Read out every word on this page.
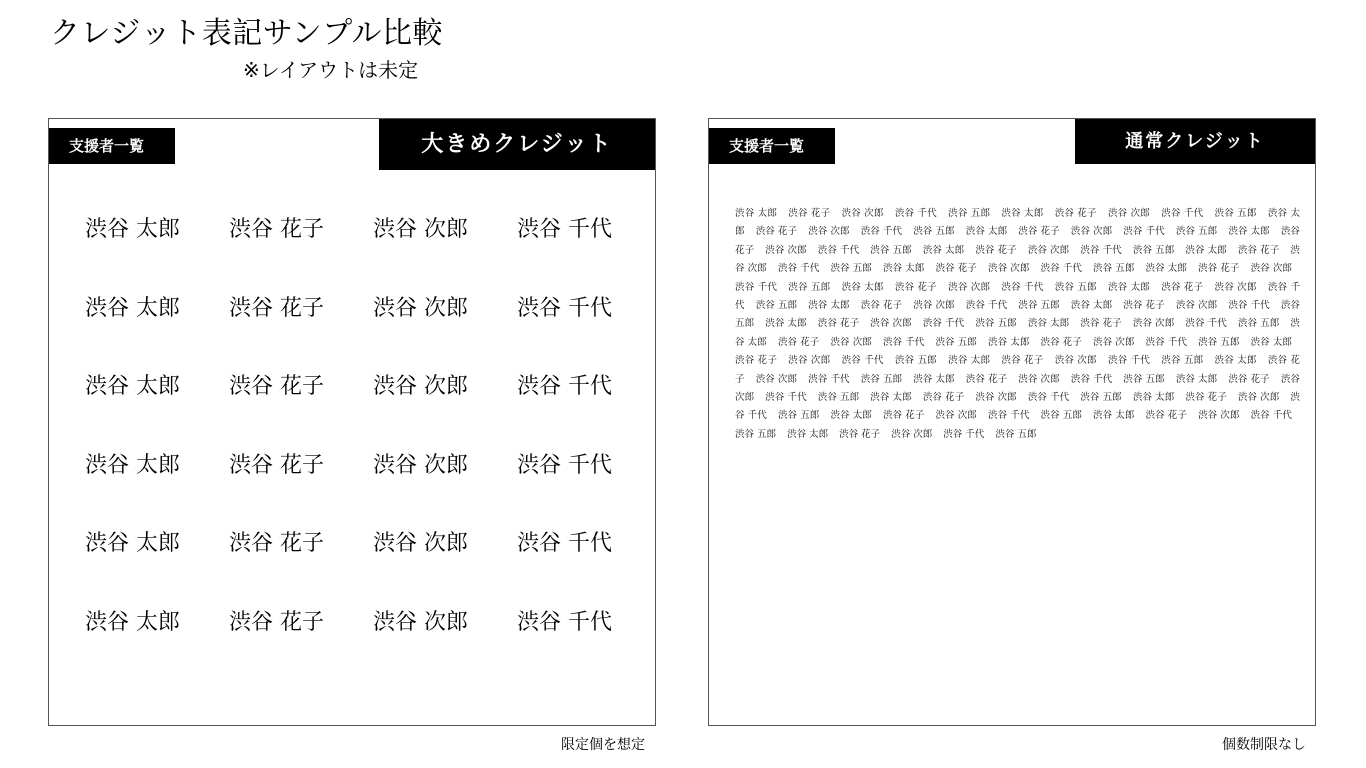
クレジット表記サンプル比較
※レイアウトは未定
支援者一覧	大きめクレジット
渋谷 太郎	渋谷 花子	渋谷 次郎	渋谷 千代
渋谷 太郎	渋谷 花子	渋谷 次郎	渋谷 千代
渋谷 太郎	渋谷 花子	渋谷 次郎	渋谷 千代
渋谷 太郎	渋谷 花子	渋谷 次郎	渋谷 千代
渋谷 太郎	渋谷 花子	渋谷 次郎	渋谷 千代
渋谷 太郎	渋谷 花子	渋谷 次郎	渋谷 千代
限定個を想定
支援者一覧	通常クレジット
渋谷 太郎 渋谷 花子 渋谷 次郎 渋谷 千代 渋谷 五郎 渋谷 太郎 渋谷 花子 渋谷 次郎 渋谷 千代 渋谷 五郎 渋谷 太郎 渋谷 花子 渋谷 次郎 渋谷 千代 渋谷 五郎 渋谷 太郎 渋谷 花子 渋谷 次郎 渋谷 千代 渋谷 五郎 渋谷 太郎 渋谷 花子 渋谷 次郎 渋谷 千代 渋谷 五郎 渋谷 太郎 渋谷 花子 渋谷 次郎 渋谷 千代 渋谷 五郎 渋谷 太郎 渋谷 花子 渋谷 次郎 渋谷 千代 渋谷 五郎 渋谷 太郎 渋谷 花子 渋谷 次郎 渋谷 千代 渋谷 五郎 渋谷 太郎 渋谷 花子 渋谷 次郎 渋谷 千代 渋谷 五郎 渋谷 太郎 渋谷 花子 渋谷 次郎 渋谷 千代 渋谷 五郎 渋谷 太郎 渋谷 花子 渋谷 次郎 渋谷 千代 渋谷 五郎 渋谷 太郎 渋谷 花子 渋谷 次郎 渋谷 千代 渋谷 五郎 渋谷 太郎 渋谷 花子 渋谷 次郎 渋谷 千代 渋谷 五郎 渋谷 太郎 渋谷 花子 渋谷 次郎 渋谷 千代 渋谷 五郎 渋谷 太郎 渋谷 花子 渋谷 次郎 渋谷 千代 渋谷 五郎 渋谷 太郎 渋谷 花子 渋谷 次郎 渋谷 千代 渋谷 五郎 渋谷 太郎 渋谷 花子 渋谷 次郎 渋谷 千代 渋谷 五郎 渋谷 太郎 渋谷 花子 渋谷 次郎 渋谷 千代 渋谷 五郎 渋谷 太郎 渋谷 花子 渋谷 次郎 渋谷 千代 渋谷 五郎 渋谷 太郎 渋谷 花子 渋谷 次郎 渋谷 千代 渋谷 五郎 渋谷 太郎 渋谷 花子 渋谷 次郎 渋谷 千代 渋谷 五郎 渋谷 太郎 渋谷 花子 渋谷 次郎 渋谷 千代 渋谷 五郎 渋谷 太郎 渋谷 花子 渋谷 次郎 渋谷 千代 渋谷 五郎 渋谷 太郎 渋谷 花子 渋谷 次郎 渋谷 千代 渋谷 五郎 渋谷 太郎 渋谷 花子 渋谷 次郎 渋谷 千代 渋谷 五郎 渋谷 太郎 渋谷 花子 渋谷 次郎 渋谷 千代 渋谷 五郎 渋谷 太郎 渋谷 花子 渋谷 次郎 渋谷 千代 渋谷 五郎
個数制限なし
